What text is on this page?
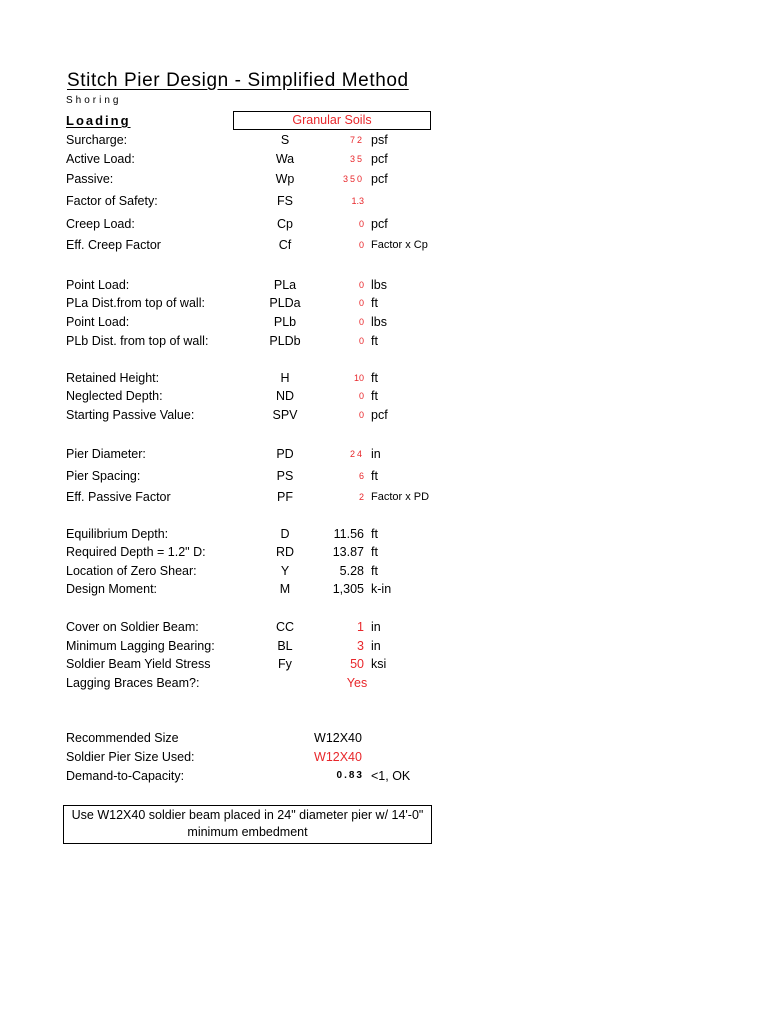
Stitch Pier Design - Simplified Method
Shoring
Loading	Granular Soils
Surcharge:	S	72 psf
Active Load:	Wa	35 pcf
Passive:	Wp	350 pcf
Factor of Safety:	FS	1.3
Creep Load:	Cp	0 pcf
Eff. Creep Factor	Cf	0 Factor x Cp
Point Load:	PLa	0 lbs
PLa Dist.from top of wall:	PLDa	0 ft
Point Load:	PLb	0 lbs
PLb Dist. from top of wall:	PLDb	0 ft
Retained Height:	H	10 ft
Neglected Depth:	ND	0 ft
Starting Passive Value:	SPV	0 pcf
Pier Diameter:	PD	24 in
Pier Spacing:	PS	6 ft
Eff. Passive Factor	PF	2 Factor x PD
Equilibrium Depth:	D	11.56 ft
Required Depth = 1.2" D:	RD	13.87 ft
Location of Zero Shear:	Y	5.28 ft
Design Moment:	M	1,305 k-in
Cover on Soldier Beam:	CC	1 in
Minimum Lagging Bearing:	BL	3 in
Soldier Beam Yield Stress	Fy	50 ksi
Lagging Braces Beam?:	Yes
Recommended Size	W12X40
Soldier Pier Size Used:	W12X40
Demand-to-Capacity:	0.83 <1, OK
Use W12X40 soldier beam placed in 24" diameter pier w/ 14'-0" minimum embedment
